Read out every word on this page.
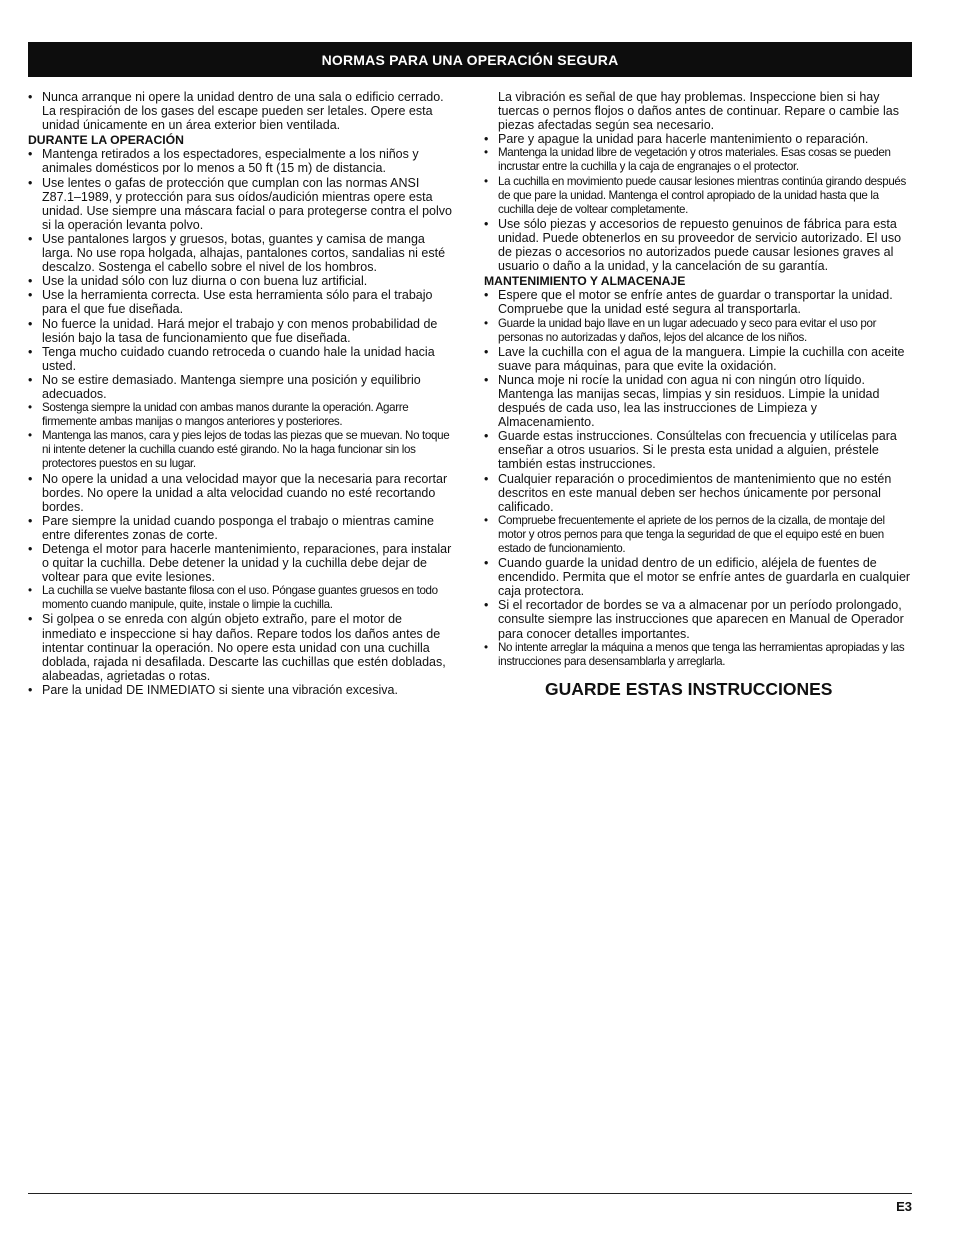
NORMAS PARA UNA OPERACIÓN SEGURA
• Nunca arranque ni opere la unidad dentro de una sala o edificio cerrado. La respiración de los gases del escape pueden ser letales. Opere esta unidad únicamente en un área exterior bien ventilada.
DURANTE LA OPERACIÓN
• Mantenga retirados a los espectadores, especialmente a los niños y animales domésticos por lo menos a 50 ft (15 m) de distancia.
• Use lentes o gafas de protección que cumplan con las normas ANSI Z87.1–1989, y protección para sus oídos/audición mientras opere esta unidad. Use siempre una máscara facial o para protegerse contra el polvo si la operación levanta polvo.
• Use pantalones largos y gruesos, botas, guantes y camisa de manga larga. No use ropa holgada, alhajas, pantalones cortos, sandalias ni esté descalzo. Sostenga el cabello sobre el nivel de los hombros.
• Use la unidad sólo con luz diurna o con buena luz artificial.
• Use la herramienta correcta. Use esta herramienta sólo para el trabajo para el que fue diseñada.
• No fuerce la unidad. Hará mejor el trabajo y con menos probabilidad de lesión bajo la tasa de funcionamiento que fue diseñada.
• Tenga mucho cuidado cuando retroceda o cuando hale la unidad hacia usted.
• No se estire demasiado. Mantenga siempre una posición y equilibrio adecuados.
• Sostenga siempre la unidad con ambas manos durante la operación. Agarre firmemente ambas manijas o mangos anteriores y posteriores.
• Mantenga las manos, cara y pies lejos de todas las piezas que se muevan. No toque ni intente detener la cuchilla cuando esté girando. No la haga funcionar sin los protectores puestos en su lugar.
• No opere la unidad a una velocidad mayor que la necesaria para recortar bordes. No opere la unidad a alta velocidad cuando no esté recortando bordes.
• Pare siempre la unidad cuando posponga el trabajo o mientras camine entre diferentes zonas de corte.
• Detenga el motor para hacerle mantenimiento, reparaciones, para instalar o quitar la cuchilla. Debe detener la unidad y la cuchilla debe dejar de voltear para que evite lesiones.
• La cuchilla se vuelve bastante filosa con el uso. Póngase guantes gruesos en todo momento cuando manipule, quite, instale o limpie la cuchilla.
• Si golpea o se enreda con algún objeto extraño, pare el motor de inmediato e inspeccione si hay daños. Repare todos los daños antes de intentar continuar la operación. No opere esta unidad con una cuchilla doblada, rajada ni desafilada. Descarte las cuchillas que estén dobladas, alabeadas, agrietadas o rotas.
• Pare la unidad DE INMEDIATO si siente una vibración excesiva.

La vibración es señal de que hay problemas. Inspeccione bien si hay tuercas o pernos flojos o daños antes de continuar. Repare o cambie las piezas afectadas según sea necesario.

• Pare y apague la unidad para hacerle mantenimiento o reparación.
• Mantenga la unidad libre de vegetación y otros materiales. Esas cosas se pueden incrustar entre la cuchilla y la caja de engranajes o el protector.
• La cuchilla en movimiento puede causar lesiones mientras continúa girando después de que pare la unidad. Mantenga el control apropiado de la unidad hasta que la cuchilla deje de voltear completamente.
• Use sólo piezas y accesorios de repuesto genuinos de fábrica para esta unidad. Puede obtenerlos en su proveedor de servicio autorizado. El uso de piezas o accesorios no autorizados puede causar lesiones graves al usuario o daño a la unidad, y la cancelación de su garantía.
MANTENIMIENTO Y ALMACENAJE
• Espere que el motor se enfríe antes de guardar o transportar la unidad. Compruebe que la unidad esté segura al transportarla.
• Guarde la unidad bajo llave en un lugar adecuado y seco para evitar el uso por personas no autorizadas y daños, lejos del alcance de los niños.
• Lave la cuchilla con el agua de la manguera. Limpie la cuchilla con aceite suave para máquinas, para que evite la oxidación.
• Nunca moje ni rocíe la unidad con agua ni con ningún otro líquido. Mantenga las manijas secas, limpias y sin residuos. Limpie la unidad después de cada uso, lea las instrucciones de Limpieza y Almacenamiento.
• Guarde estas instrucciones. Consúltelas con frecuencia y utilícelas para enseñar a otros usuarios. Si le presta esta unidad a alguien, préstele también estas instrucciones.
• Cualquier reparación o procedimientos de mantenimiento que no estén descritos en este manual deben ser hechos únicamente por personal calificado.
• Compruebe frecuentemente el apriete de los pernos de la cizalla, de montaje del motor y otros pernos para que tenga la seguridad de que el equipo esté en buen estado de funcionamiento.
• Cuando guarde la unidad dentro de un edificio, aléjela de fuentes de encendido. Permita que el motor se enfríe antes de guardarla en cualquier caja protectora.
• Si el recortador de bordes se va a almacenar por un período prolongado, consulte siempre las instrucciones que aparecen en Manual de Operador para conocer detalles importantes.
• No intente arreglar la máquina a menos que tenga las herramientas apropiadas y las instrucciones para desensamblarla y arreglarla.
GUARDE ESTAS INSTRUCCIONES
E3
